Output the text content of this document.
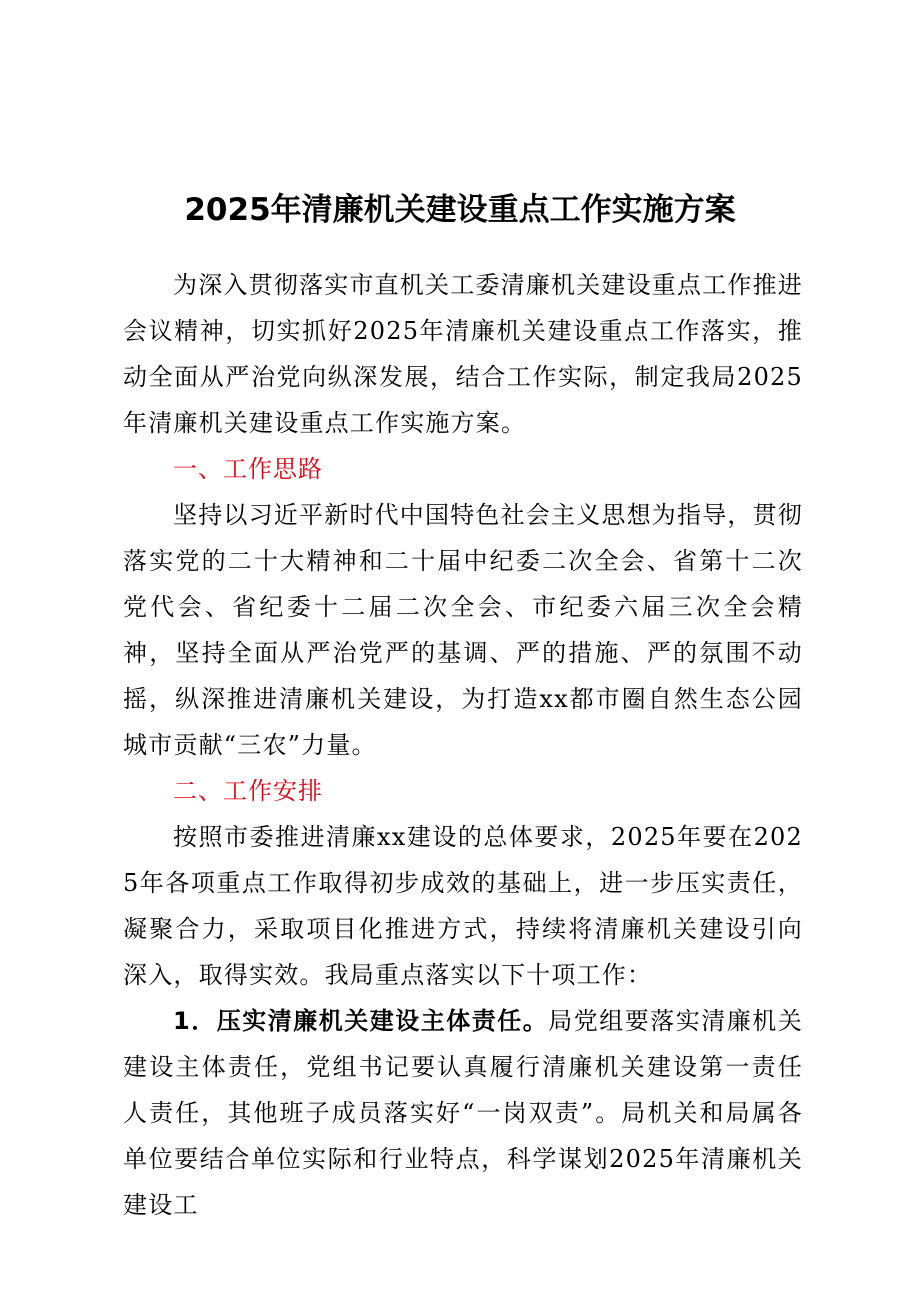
2025年清廉机关建设重点工作实施方案

为深入贯彻落实市直机关工委清廉机关建设重点工作推进会议精神，切实抓好2025年清廉机关建设重点工作落实，推动全面从严治党向纵深发展，结合工作实际，制定我局2025年清廉机关建设重点工作实施方案。

一、工作思路

坚持以习近平新时代中国特色社会主义思想为指导，贯彻落实党的二十大精神和二十届中纪委二次全会、省第十二次党代会、省纪委十二届二次全会、市纪委六届三次全会精神，坚持全面从严治党严的基调、严的措施、严的氛围不动摇，纵深推进清廉机关建设，为打造xx都市圈自然生态公园城市贡献“三农”力量。

二、工作安排

按照市委推进清廉xx建设的总体要求，2025年要在2025年各项重点工作取得初步成效的基础上，进一步压实责任，凝聚合力，采取项目化推进方式，持续将清廉机关建设引向深入，取得实效。我局重点落实以下十项工作：

1．压实清廉机关建设主体责任。局党组要落实清廉机关建设主体责任，党组书记要认真履行清廉机关建设第一责任人责任，其他班子成员落实好“一岗双责”。局机关和局属各单位要结合单位实际和行业特点，科学谋划2025年清廉机关建设工
